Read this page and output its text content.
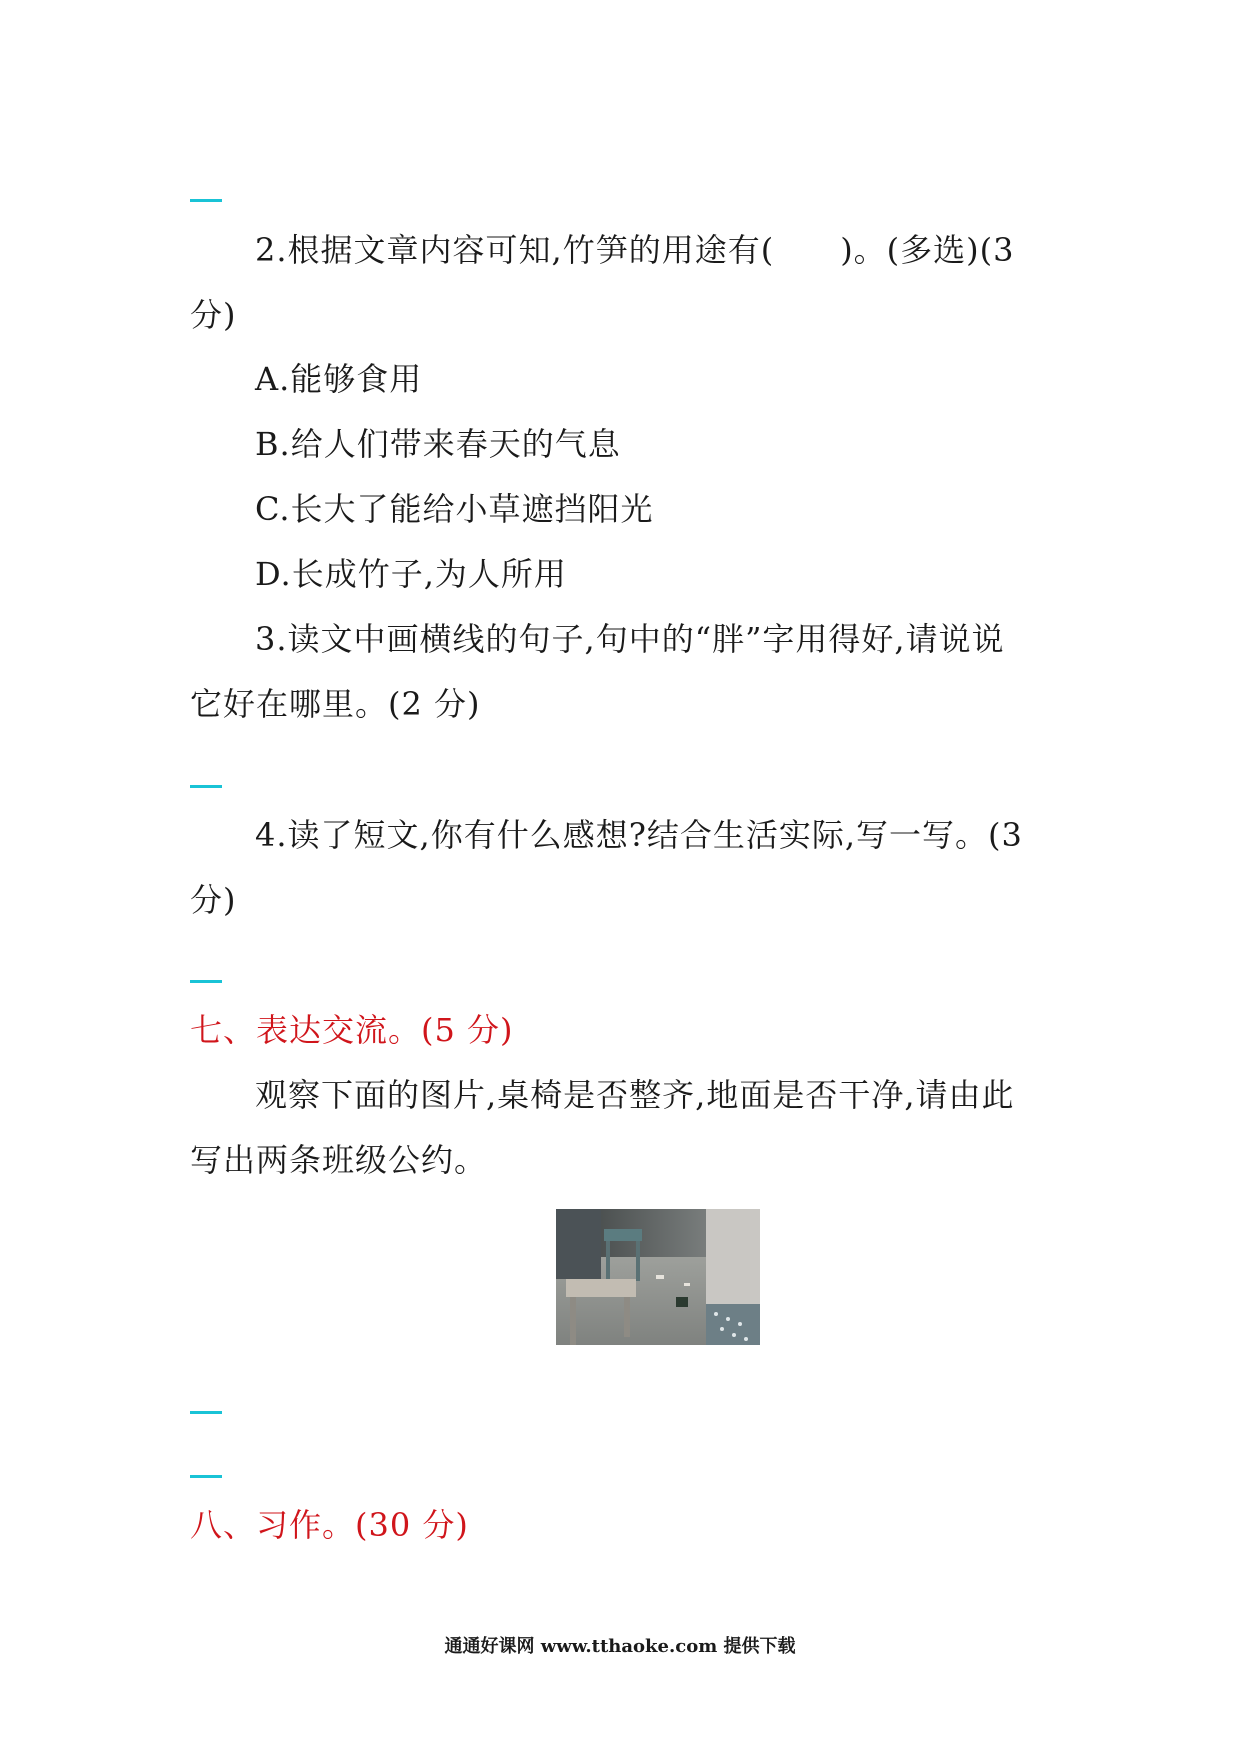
2.根据文章内容可知,竹笋的用途有(　　)。(多选)(3
分)
A.能够食用
B.给人们带来春天的气息
C.长大了能给小草遮挡阳光
D.长成竹子,为人所用
3.读文中画横线的句子,句中的“胖”字用得好,请说说
它好在哪里。(2 分)
4.读了短文,你有什么感想?结合生活实际,写一写。(3
分)
七、表达交流。(5 分)
观察下面的图片,桌椅是否整齐,地面是否干净,请由此
写出两条班级公约。
八、习作。(30 分)
通通好课网 www.tthaoke.com 提供下载
